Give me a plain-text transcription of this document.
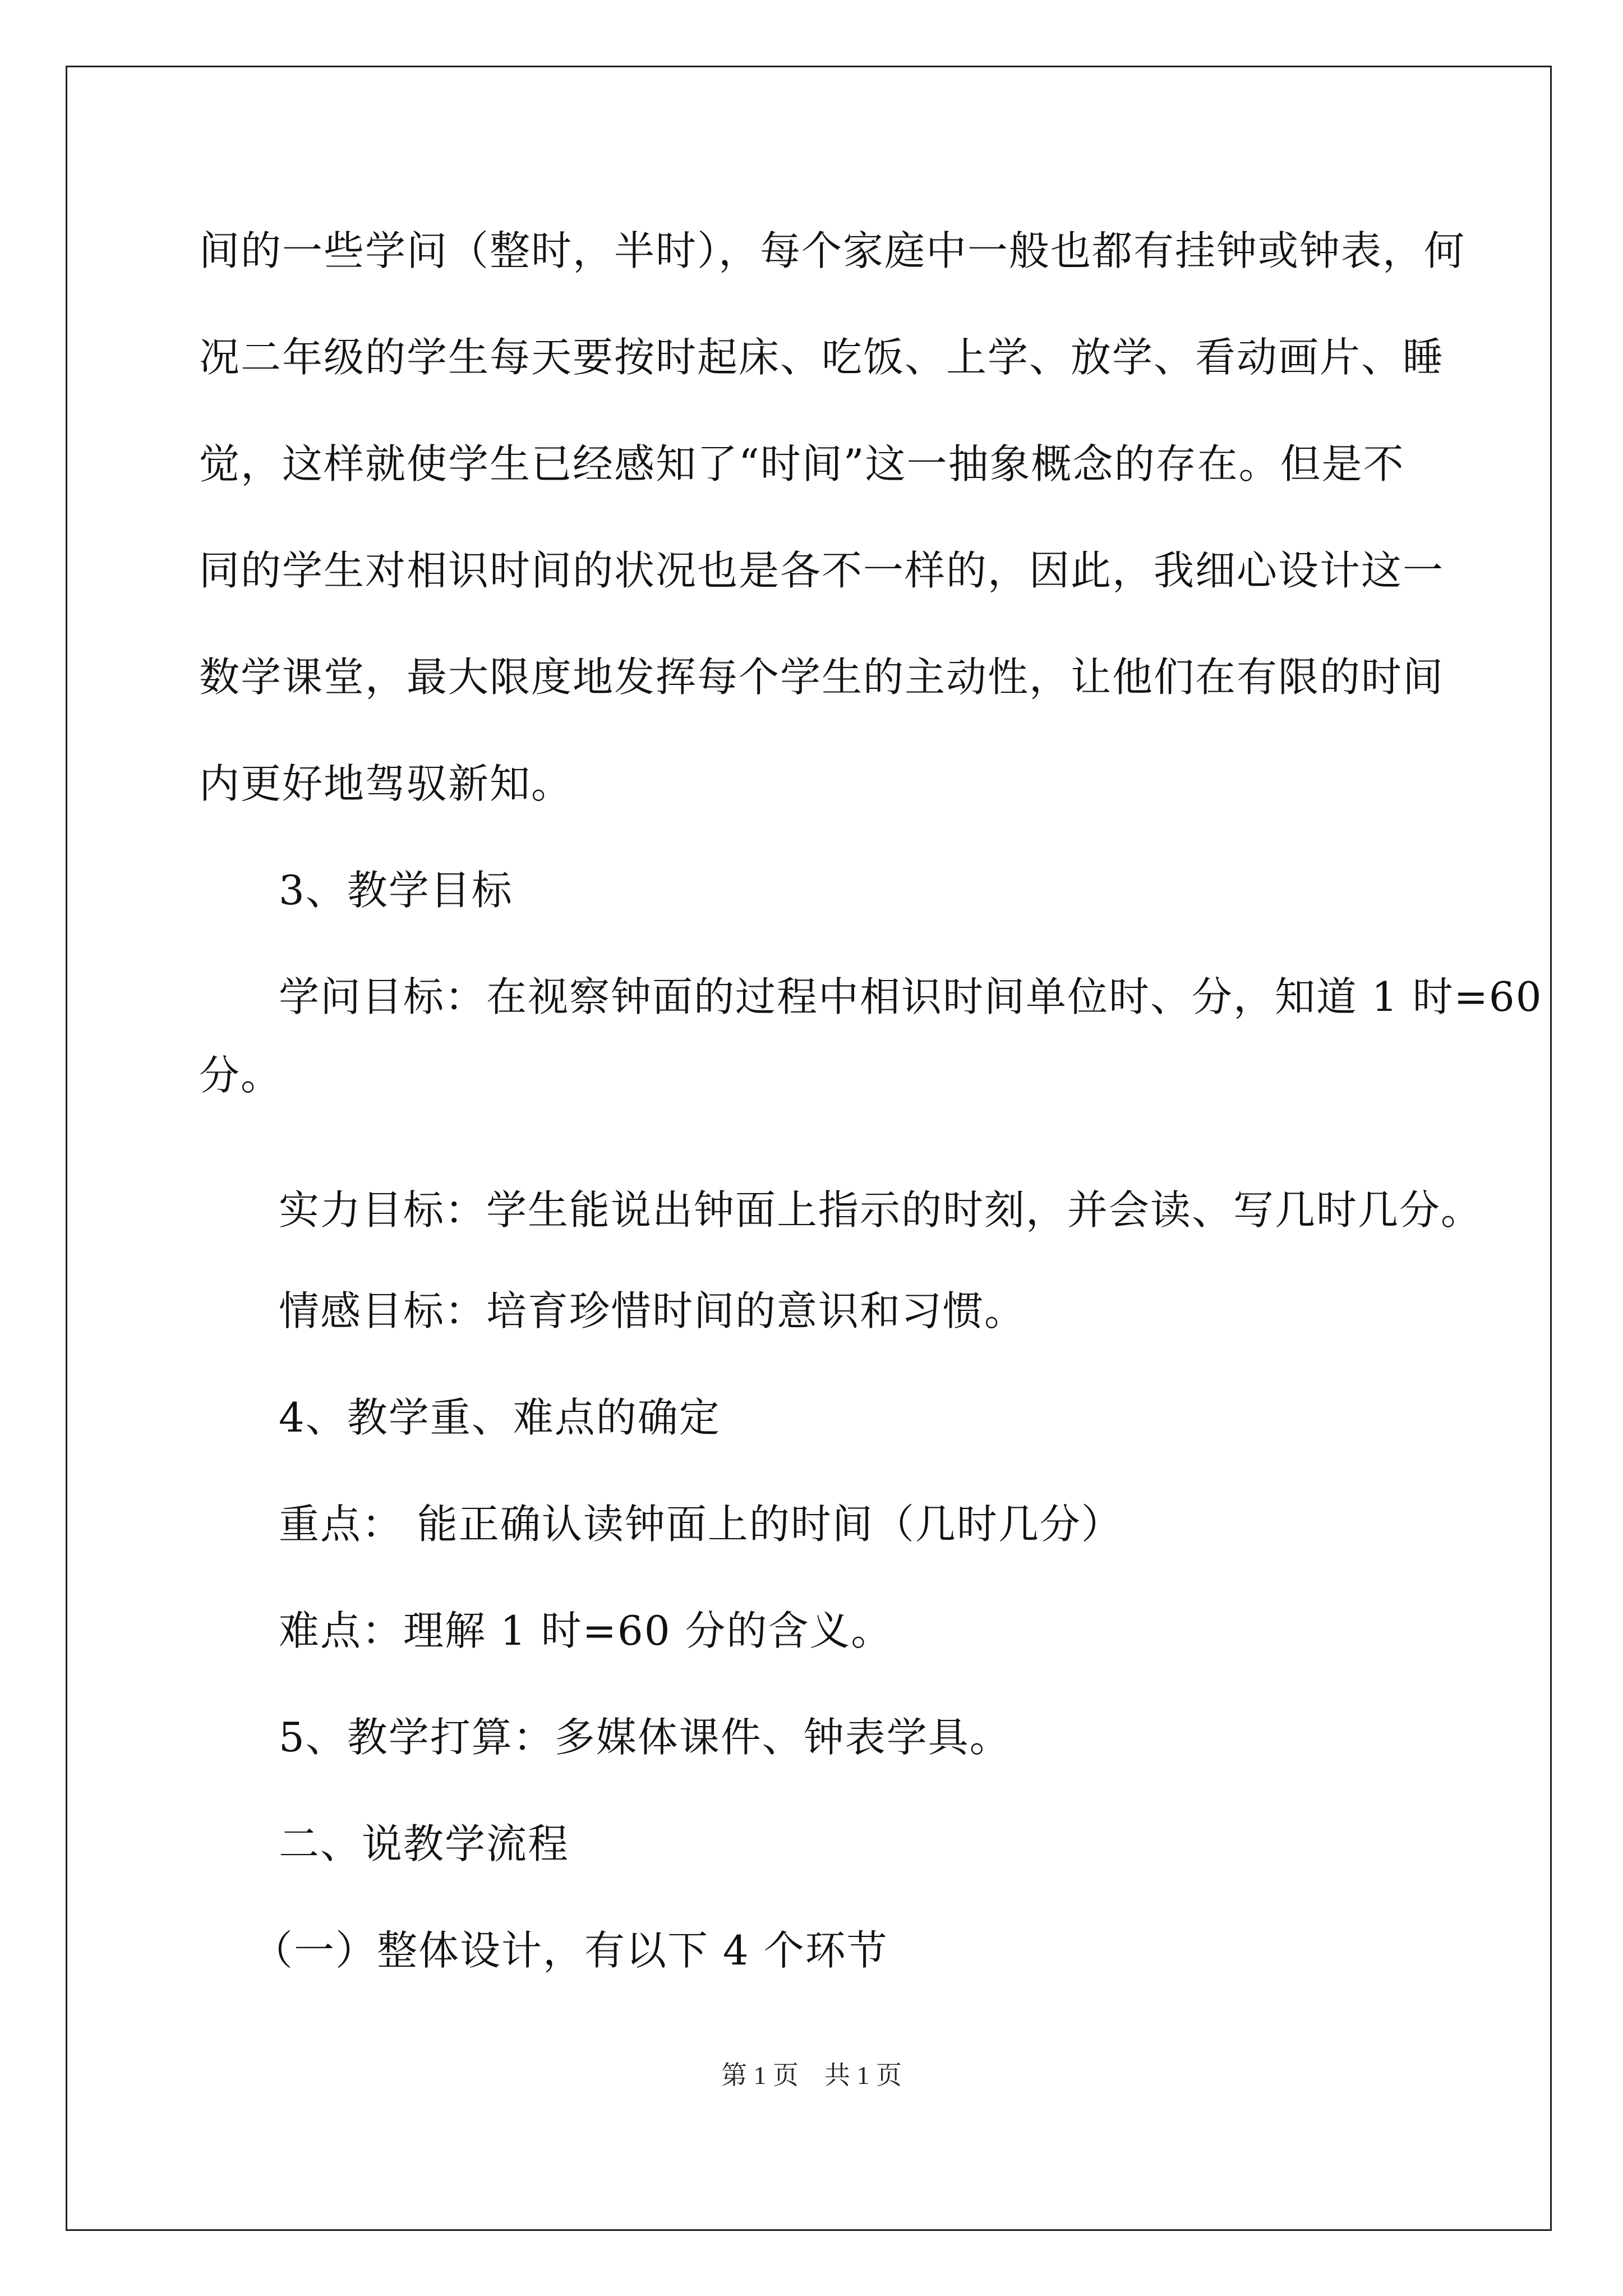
间的一些学问（整时，半时），每个家庭中一般也都有挂钟或钟表，何
况二年级的学生每天要按时起床、吃饭、上学、放学、看动画片、睡
觉，这样就使学生已经感知了“时间”这一抽象概念的存在。但是不
同的学生对相识时间的状况也是各不一样的，因此，我细心设计这一
数学课堂，最大限度地发挥每个学生的主动性，让他们在有限的时间
内更好地驾驭新知。
3、教学目标
学问目标：在视察钟面的过程中相识时间单位时、分，知道 1 时=60
分。
实力目标：学生能说出钟面上指示的时刻，并会读、写几时几分。
情感目标：培育珍惜时间的意识和习惯。
4、教学重、难点的确定
重点： 能正确认读钟面上的时间（几时几分）
难点：理解 1 时=60 分的含义。
5、教学打算：多媒体课件、钟表学具。
二、说教学流程
（一）整体设计，有以下 4 个环节
第 1 页    共 1 页
